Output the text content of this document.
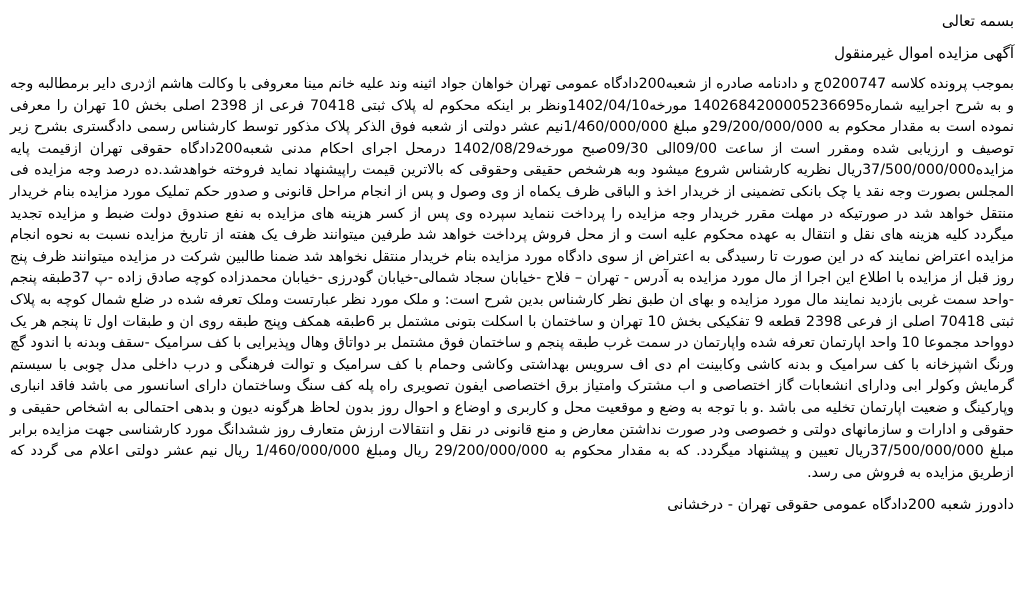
بسمه تعالی

آگهی مزایده اموال غیرمنقول

بموجب پرونده کلاسه 0200747ج و دادنامه صادره از شعبه200دادگاه عمومی تهران خواهان جواد اثینه وند علیه خانم مینا معروفی با وکالت هاشم اژدری دایر برمطالبه وجه و به شرح اجراییه شماره140268420000523669​5 مورخه1402/04/10ونظر بر اینکه محکوم له پلاک ثبتی 70418 فرعی از 2398 اصلی بخش 10 تهران را معرفی نموده است به مقدار محکوم به 29/200/000/000و مبلغ 1/460/000/000نیم عشر دولتی از شعبه فوق الذکر پلاک مذکور توسط کارشناس رسمی دادگستری بشرح زیر توصیف و ارزیابی شده ومقرر است از ساعت 09/00الی 09/30صبح مورخه1402/08/29 درمحل اجرای احکام مدنی شعبه200دادگاه حقوقی تهران ازقیمت پایه مزایده37/500/000/000ریال نظریه کارشناس شروع میشود وبه هرشخص حقیقی وحقوقی که بالاترین قیمت راپیشنهاد نماید فروخته خواهدشد.ده درصد وجه مزایده فی المجلس بصورت وجه نقد یا چک بانکی تضمینی از خریدار اخذ و الباقی ظرف یکماه از وی وصول و پس از انجام مراحل قانونی و صدور حکم تملیک مورد مزایده بنام خریدار منتقل خواهد شد در صورتیکه در مهلت مقرر خریدار وجه مزایده را پرداخت ننماید سپرده وی پس از کسر هزینه های مزایده به نفع صندوق دولت ضبط و مزایده تجدید میگردد کلیه هزینه های نقل و انتقال به عهده محکوم علیه است و از محل فروش پرداخت خواهد شد طرفین میتوانند ظرف یک هفته از تاریخ مزایده نسبت به نحوه انجام مزایده اعتراض نمایند که در این صورت تا رسیدگی به اعتراض از سوی دادگاه مورد مزایده بنام خریدار منتقل نخواهد شد ضمنا طالبین شرکت در مزایده میتوانند ظرف پنج روز قبل از مزایده با اطلاع این اجرا از مال مورد مزایده به آدرس - تهران – فلاح -خیابان سجاد شمالی-خیابان گودرزی -خیابان محمدزاده کوچه صادق زاده -پ 37طبقه پنجم -واحد سمت غربی بازدید نمایند مال مورد مزایده و بهای ان طبق نظر کارشناس بدین شرح است: و ملک مورد نظر عبارتست وملک تعرفه شده در ضلع شمال کوچه به پلاک ثبتی 70418 اصلی از فرعی 2398 قطعه 9 تفکیکی بخش 10 تهران و ساختمان با اسکلت بتونی مشتمل بر 6طبقه همکف وپنج طبقه روی ان و طبقات اول تا پنجم هر یک دوواحد مجموعا 10 واحد اپارتمان تعرفه شده واپارتمان در سمت غرب طبقه پنجم و ساختمان فوق مشتمل بر دواتاق وهال وپذیرایی با کف سرامیک -سقف وبدنه با اندود گچ ورنگ اشپزخانه با کف سرامیک و بدنه کاشی وکابینت ام دی اف سرویس بهداشتی وکاشی وحمام با کف سرامیک و توالت فرهنگی و درب داخلی مدل چوبی با سیستم گرمایش وکولر ابی ودارای انشعابات گاز اختصاصی و اب مشترک وامتیاز برق اختصاصی ایفون تصویری راه پله کف سنگ وساختمان دارای اسانسور می باشد فاقد انباری وپارکینگ و ضعیت اپارتمان تخلیه می باشد .و با توجه به وضع و موقعیت محل و کاربری و اوضاع و احوال روز بدون لحاظ هرگونه دیون و بدهی احتمالی به اشخاص حقیقی و حقوقی و ادارات و سازمانهای دولتی و خصوصی ودر صورت نداشتن معارض و منع قانونی در نقل و انتقالات ارزش متعارف روز ششدانگ مورد کارشناسی جهت مزایده برابر مبلغ 37/500/000/000ریال تعیین و پیشنهاد میگردد. که به مقدار محکوم به 29/200/000/000 ریال ومبلغ 1/460/000/000 ریال نیم عشر دولتی اعلام می گردد که ازطریق مزایده به فروش می رسد.

دادورز شعبه 200دادگاه عمومی حقوقی تهران - درخشانی
